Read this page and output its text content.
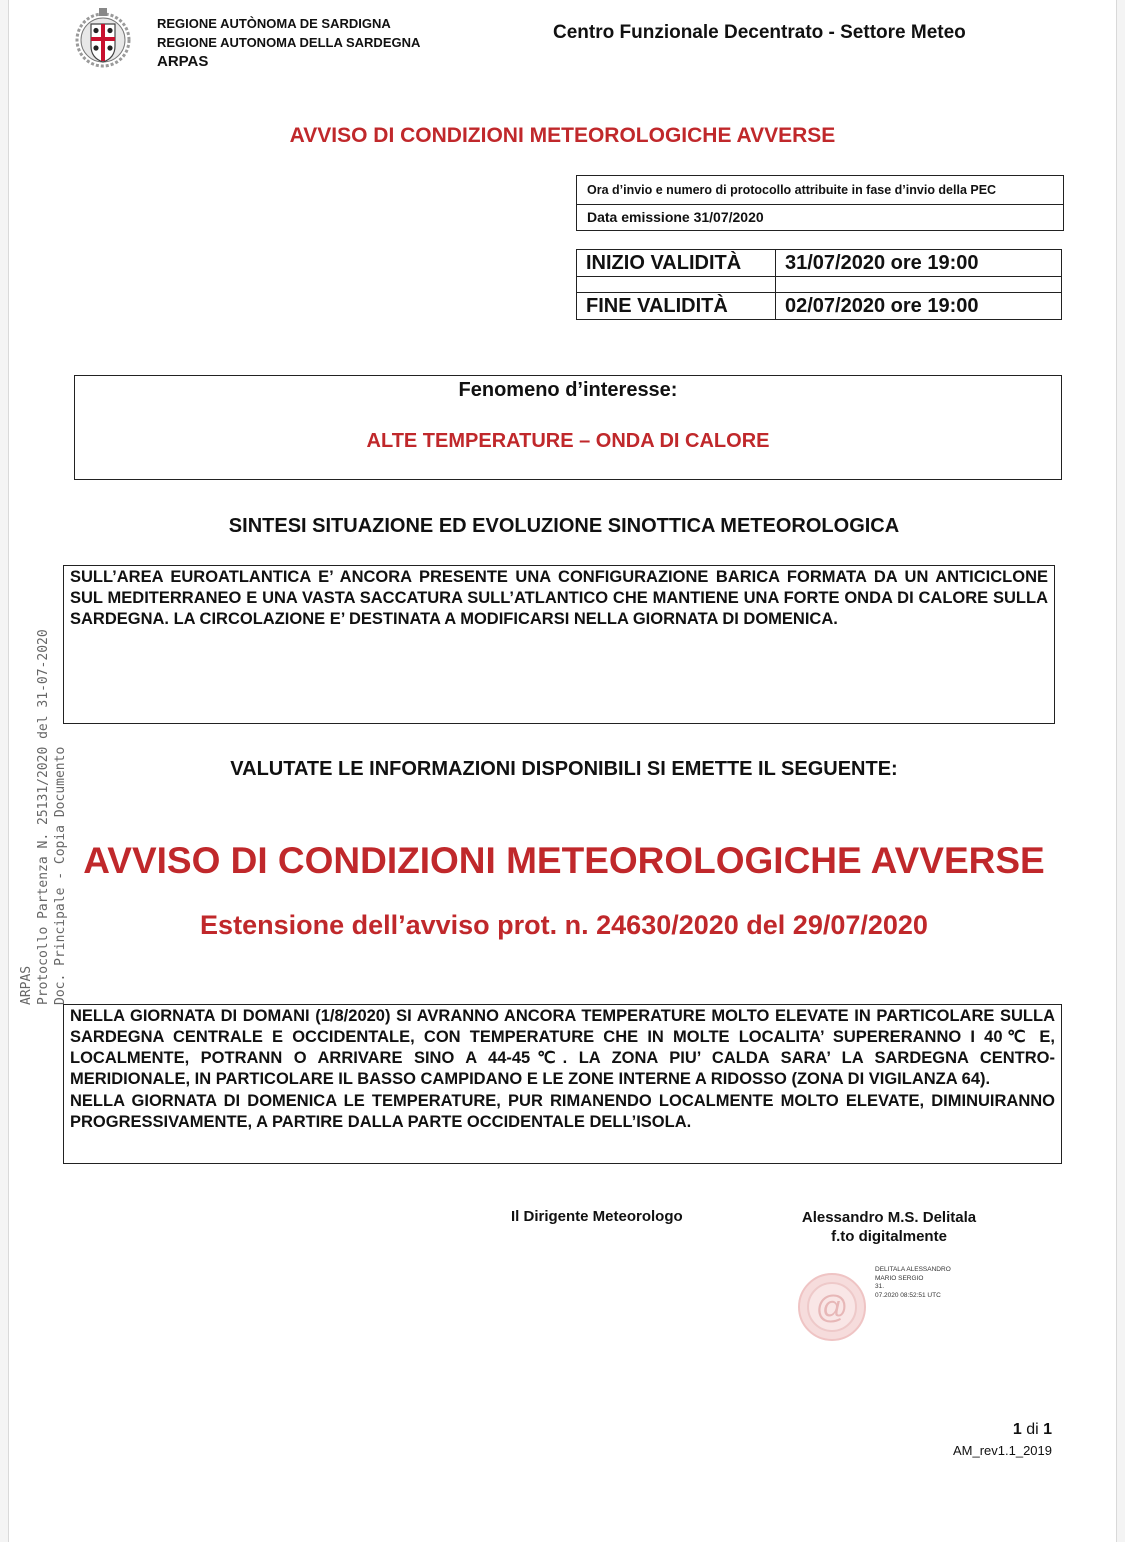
REGIONE AUTÒNOMA DE SARDIGNA
REGIONE AUTONOMA DELLA SARDEGNA
ARPAS
Centro Funzionale Decentrato - Settore Meteo
AVVISO DI CONDIZIONI METEOROLOGICHE AVVERSE
Ora d’invio e numero di protocollo attribuite in fase d’invio della PEC
Data emissione 31/07/2020
INIZIO VALIDITÀ	31/07/2020 ore 19:00

FINE VALIDITÀ	02/07/2020 ore 19:00
Fenomeno d’interesse:
ALTE TEMPERATURE – ONDA DI CALORE
SINTESI SITUAZIONE ED EVOLUZIONE SINOTTICA METEOROLOGICA

SULL’AREA EUROATLANTICA E’ ANCORA PRESENTE UNA CONFIGURAZIONE BARICA FORMATA DA UN ANTICICLONE SUL MEDITERRANEO E UNA VASTA SACCATURA SULL’ATLANTICO CHE MANTIENE UNA FORTE ONDA DI CALORE SULLA SARDEGNA. LA CIRCOLAZIONE E’ DESTINATA A MODIFICARSI NELLA GIORNATA DI DOMENICA.

VALUTATE LE INFORMAZIONI DISPONIBILI SI EMETTE IL SEGUENTE:
AVVISO DI CONDIZIONI METEOROLOGICHE AVVERSE
Estensione dell’avviso prot. n. 24630/2020 del 29/07/2020

NELLA GIORNATA DI DOMANI (1/8/2020) SI AVRANNO ANCORA TEMPERATURE MOLTO ELEVATE IN PARTICOLARE SULLA SARDEGNA CENTRALE E OCCIDENTALE, CON TEMPERATURE CHE IN MOLTE LOCALITA’ SUPERERANNO I 40℃ E, LOCALMENTE, POTRANN O ARRIVARE SINO A 44-45℃. LA ZONA PIU’ CALDA SARA’ LA SARDEGNA CENTRO-MERIDIONALE, IN PARTICOLARE IL BASSO CAMPIDANO E LE ZONE INTERNE A RIDOSSO (ZONA DI VIGILANZA 64).

NELLA GIORNATA DI DOMENICA LE TEMPERATURE, PUR RIMANENDO LOCALMENTE MOLTO ELEVATE, DIMINUIRANNO PROGRESSIVAMENTE, A PARTIRE DALLA PARTE OCCIDENTALE DELL’ISOLA.

Il Dirigente Meteorologo	Alessandro M.S. Delitala
f.to digitalmente
@
DELITALA ALESSANDRO
MARIO SERGIO
31.
07.2020 08:52:51 UTC
1 di 1
AM_rev1.1_2019
ARPAS Protocollo Partenza N. 25131/2020 del 31-07-2020 Doc. Principale - Copia Documento
